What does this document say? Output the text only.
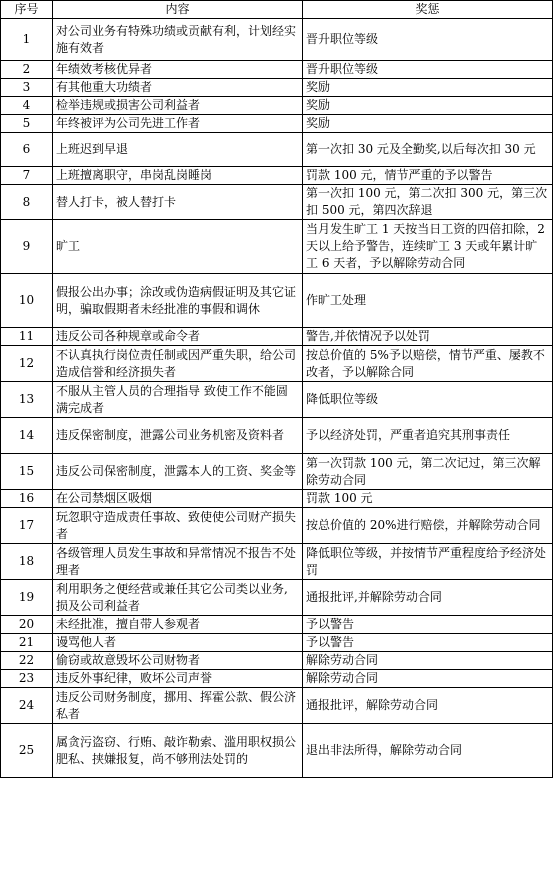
序号	内容	奖惩
1	对公司业务有特殊功绩或贡献有利，计划经实施有效者	晋升职位等级
2	年绩效考核优异者	晋升职位等级
3	有其他重大功绩者	奖励
4	检举违规或损害公司利益者	奖励
5	年终被评为公司先进工作者	奖励
6	上班迟到早退	第一次扣 30 元及全勤奖,以后每次扣 30 元
7	上班擅离职守，串岗乱岗睡岗	罚款 100 元，情节严重的予以警告
8	替人打卡，被人替打卡	第一次扣 100 元，第二次扣 300 元，第三次扣 500 元，第四次辞退
9	旷工	当月发生旷工 1 天按当日工资的四倍扣除，2 天以上给予警告，连续旷工 3 天或年累计旷工 6 天者，予以解除劳动合同
10	假报公出办事；涂改或伪造病假证明及其它证明，骗取假期者未经批准的事假和调休	作旷工处理
11	违反公司各种规章或命令者	警告,并依情况予以处罚
12	不认真执行岗位责任制或因严重失职，给公司造成信誉和经济损失者	按总价值的 5%予以赔偿，情节严重、屡教不改者，予以解除合同
13	不服从主管人员的合理指导 致使工作不能圆满完成者	降低职位等级
14	违反保密制度，泄露公司业务机密及资料者	予以经济处罚，严重者追究其刑事责任
15	违反公司保密制度，泄露本人的工资、奖金等	第一次罚款 100 元，第二次记过，第三次解除劳动合同
16	在公司禁烟区吸烟	罚款 100 元
17	玩忽职守造成责任事故、致使使公司财产损失者	按总价值的 20%进行赔偿，并解除劳动合同
18	各级管理人员发生事故和异常情况不报告不处理者	降低职位等级，并按情节严重程度给予经济处罚
19	利用职务之便经营或兼任其它公司类以业务,损及公司利益者	通报批评,并解除劳动合同
20	未经批准，擅自带人参观者	予以警告
21	谩骂他人者	予以警告
22	偷窃或故意毁坏公司财物者	解除劳动合同
23	违反外事纪律，败坏公司声誉	解除劳动合同
24	违反公司财务制度，挪用、挥霍公款、假公济私者	通报批评，解除劳动合同
25	属贪污盗窃、行贿、敲诈勒索、滥用职权损公肥私、挟嫌报复，尚不够刑法处罚的	退出非法所得，解除劳动合同
